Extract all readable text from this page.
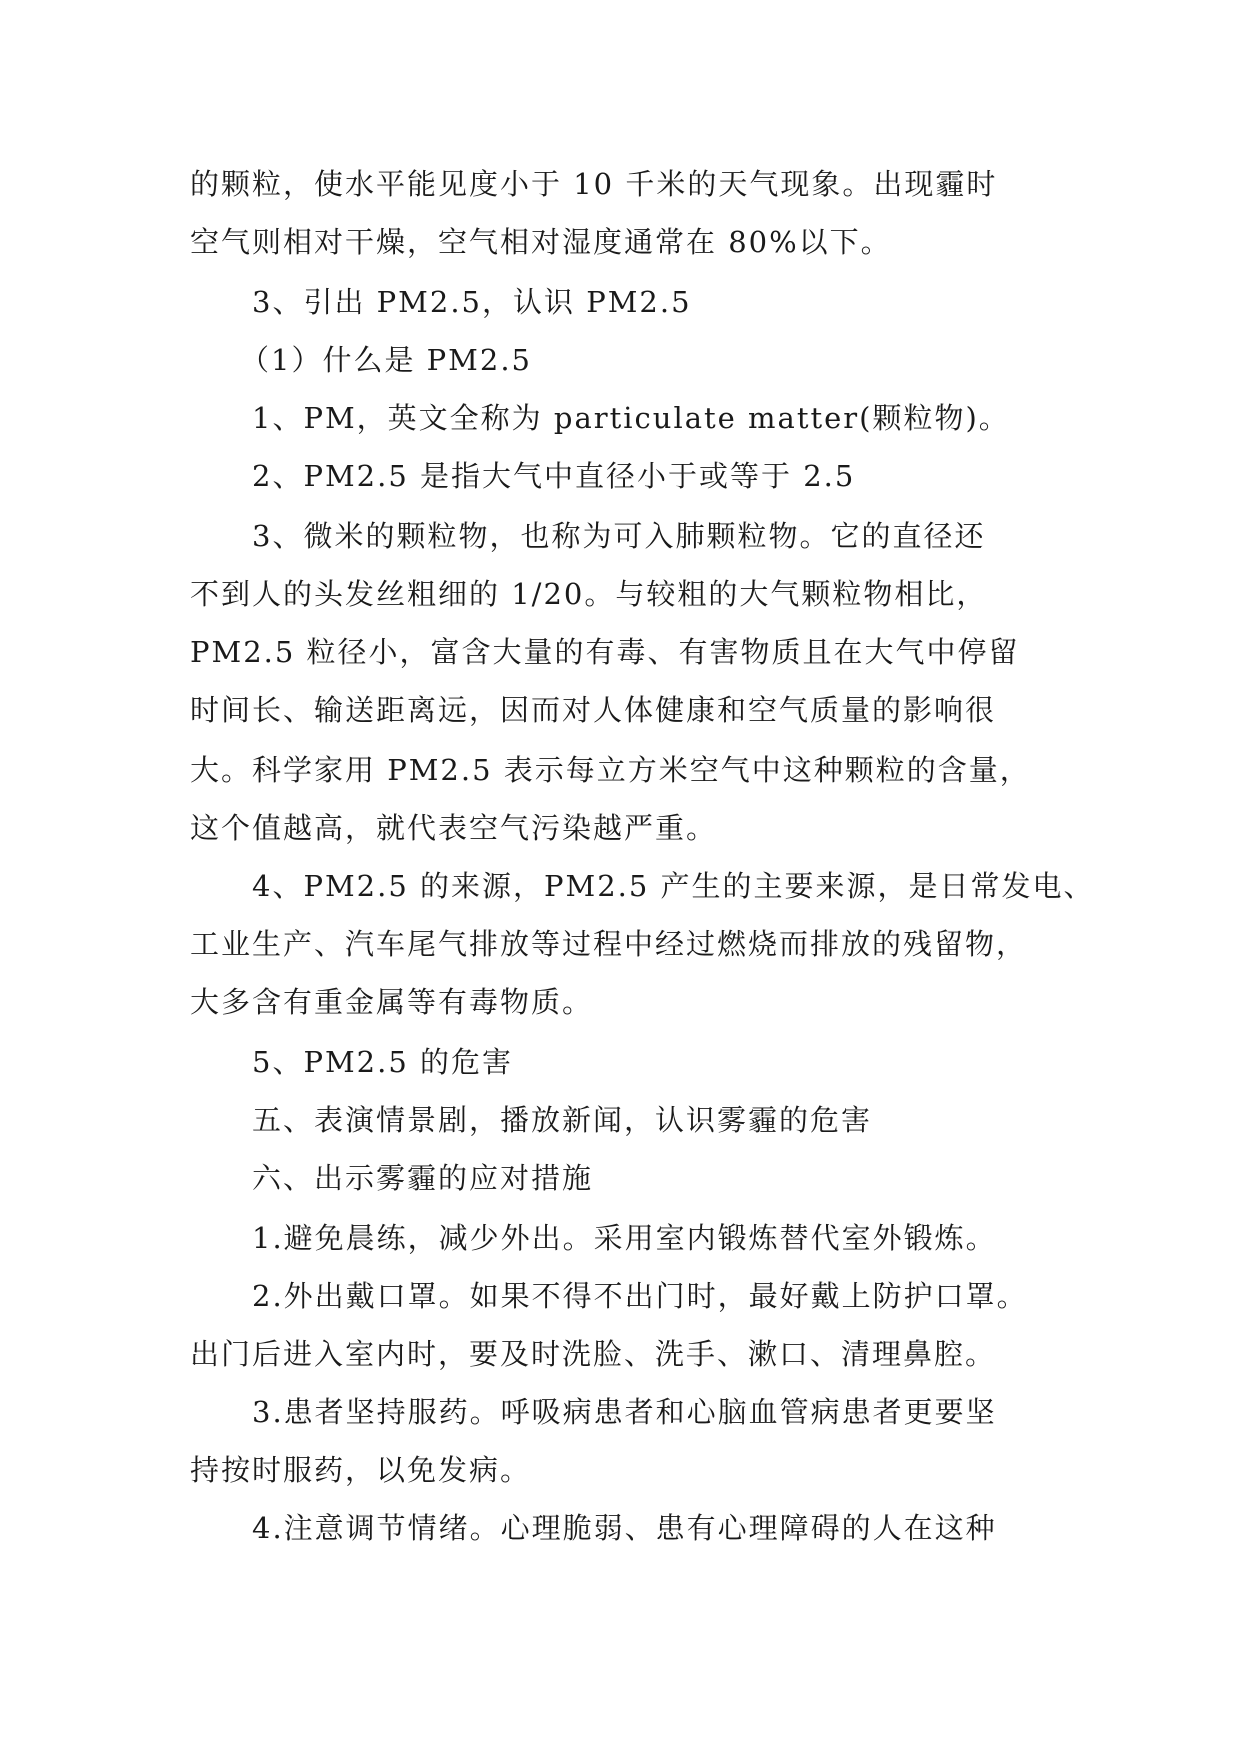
的颗粒，使水平能见度小于 10 千米的天气现象。出现霾时
空气则相对干燥，空气相对湿度通常在 80%以下。
3、引出 PM2.5，认识 PM2.5
（1）什么是 PM2.5
1、PM，英文全称为 particulate matter(颗粒物)。
2、PM2.5 是指大气中直径小于或等于 2.5
3、微米的颗粒物，也称为可入肺颗粒物。它的直径还
不到人的头发丝粗细的 1/20。与较粗的大气颗粒物相比，
PM2.5 粒径小，富含大量的有毒、有害物质且在大气中停留
时间长、输送距离远，因而对人体健康和空气质量的影响很
大。科学家用 PM2.5 表示每立方米空气中这种颗粒的含量，
这个值越高，就代表空气污染越严重。
4、PM2.5 的来源，PM2.5 产生的主要来源，是日常发电、
工业生产、汽车尾气排放等过程中经过燃烧而排放的残留物，
大多含有重金属等有毒物质。
5、PM2.5 的危害
五、表演情景剧，播放新闻，认识雾霾的危害
六、出示雾霾的应对措施
1.避免晨练，减少外出。采用室内锻炼替代室外锻炼。
2.外出戴口罩。如果不得不出门时，最好戴上防护口罩。
出门后进入室内时，要及时洗脸、洗手、漱口、清理鼻腔。
3.患者坚持服药。呼吸病患者和心脑血管病患者更要坚
持按时服药，以免发病。
4.注意调节情绪。心理脆弱、患有心理障碍的人在这种
